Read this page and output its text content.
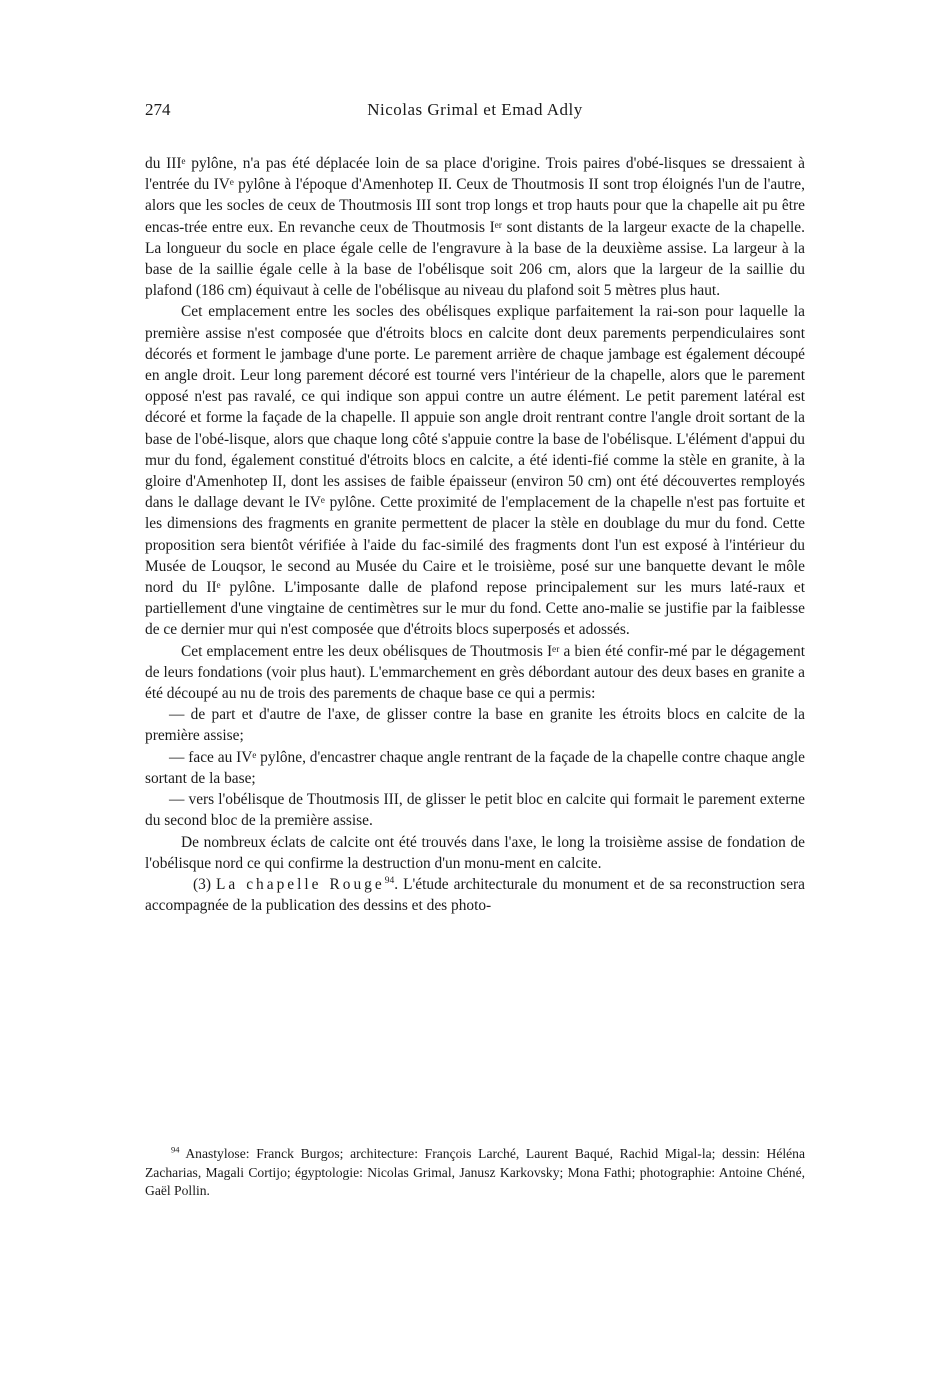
274	Nicolas Grimal et Emad Adly

du IIIᵉ pylône, n'a pas été déplacée loin de sa place d'origine. Trois paires d'obé-lisques se dressaient à l'entrée du IVᵉ pylône à l'époque d'Amenhotep II. Ceux de Thoutmosis II sont trop éloignés l'un de l'autre, alors que les socles de ceux de Thoutmosis III sont trop longs et trop hauts pour que la chapelle ait pu être encas-trée entre eux. En revanche ceux de Thoutmosis Iᵉʳ sont distants de la largeur exacte de la chapelle. La longueur du socle en place égale celle de l'engravure à la base de la deuxième assise. La largeur à la base de la saillie égale celle à la base de l'obélisque soit 206 cm, alors que la largeur de la saillie du plafond (186 cm) équivaut à celle de l'obélisque au niveau du plafond soit 5 mètres plus haut.

Cet emplacement entre les socles des obélisques explique parfaitement la rai-son pour laquelle la première assise n'est composée que d'étroits blocs en calcite dont deux parements perpendiculaires sont décorés et forment le jambage d'une porte. Le parement arrière de chaque jambage est également découpé en angle droit. Leur long parement décoré est tourné vers l'intérieur de la chapelle, alors que le parement opposé n'est pas ravalé, ce qui indique son appui contre un autre élément. Le petit parement latéral est décoré et forme la façade de la chapelle. Il appuie son angle droit rentrant contre l'angle droit sortant de la base de l'obé-lisque, alors que chaque long côté s'appuie contre la base de l'obélisque. L'élément d'appui du mur du fond, également constitué d'étroits blocs en calcite, a été identi-fié comme la stèle en granite, à la gloire d'Amenhotep II, dont les assises de faible épaisseur (environ 50 cm) ont été découvertes remployés dans le dallage devant le IVᵉ pylône. Cette proximité de l'emplacement de la chapelle n'est pas fortuite et les dimensions des fragments en granite permettent de placer la stèle en doublage du mur du fond. Cette proposition sera bientôt vérifiée à l'aide du fac-similé des fragments dont l'un est exposé à l'intérieur du Musée de Louqsor, le second au Musée du Caire et le troisième, posé sur une banquette devant le môle nord du IIᵉ pylône. L'imposante dalle de plafond repose principalement sur les murs laté-raux et partiellement d'une vingtaine de centimètres sur le mur du fond. Cette ano-malie se justifie par la faiblesse de ce dernier mur qui n'est composée que d'étroits blocs superposés et adossés.

Cet emplacement entre les deux obélisques de Thoutmosis Iᵉʳ a bien été confir-mé par le dégagement de leurs fondations (voir plus haut). L'emmarchement en grès débordant autour des deux bases en granite a été découpé au nu de trois des parements de chaque base ce qui a permis:

— de part et d'autre de l'axe, de glisser contre la base en granite les étroits blocs en calcite de la première assise;

— face au IVᵉ pylône, d'encastrer chaque angle rentrant de la façade de la chapelle contre chaque angle sortant de la base;

— vers l'obélisque de Thoutmosis III, de glisser le petit bloc en calcite qui formait le parement externe du second bloc de la première assise.

De nombreux éclats de calcite ont été trouvés dans l'axe, le long la troisième assise de fondation de l'obélisque nord ce qui confirme la destruction d'un monu-ment en calcite.

(3) La chapelle Rouge$^{94}$. L'étude architecturale du monument et de sa reconstruction sera accompagnée de la publication des dessins et des photo-

$^{94}$ Anastylose: Franck Burgos; architecture: François Larché, Laurent Baqué, Rachid Migal-la; dessin: Héléna Zacharias, Magali Cortijo; égyptologie: Nicolas Grimal, Janusz Karkovsky; Mona Fathi; photographie: Antoine Chéné, Gaël Pollin.
